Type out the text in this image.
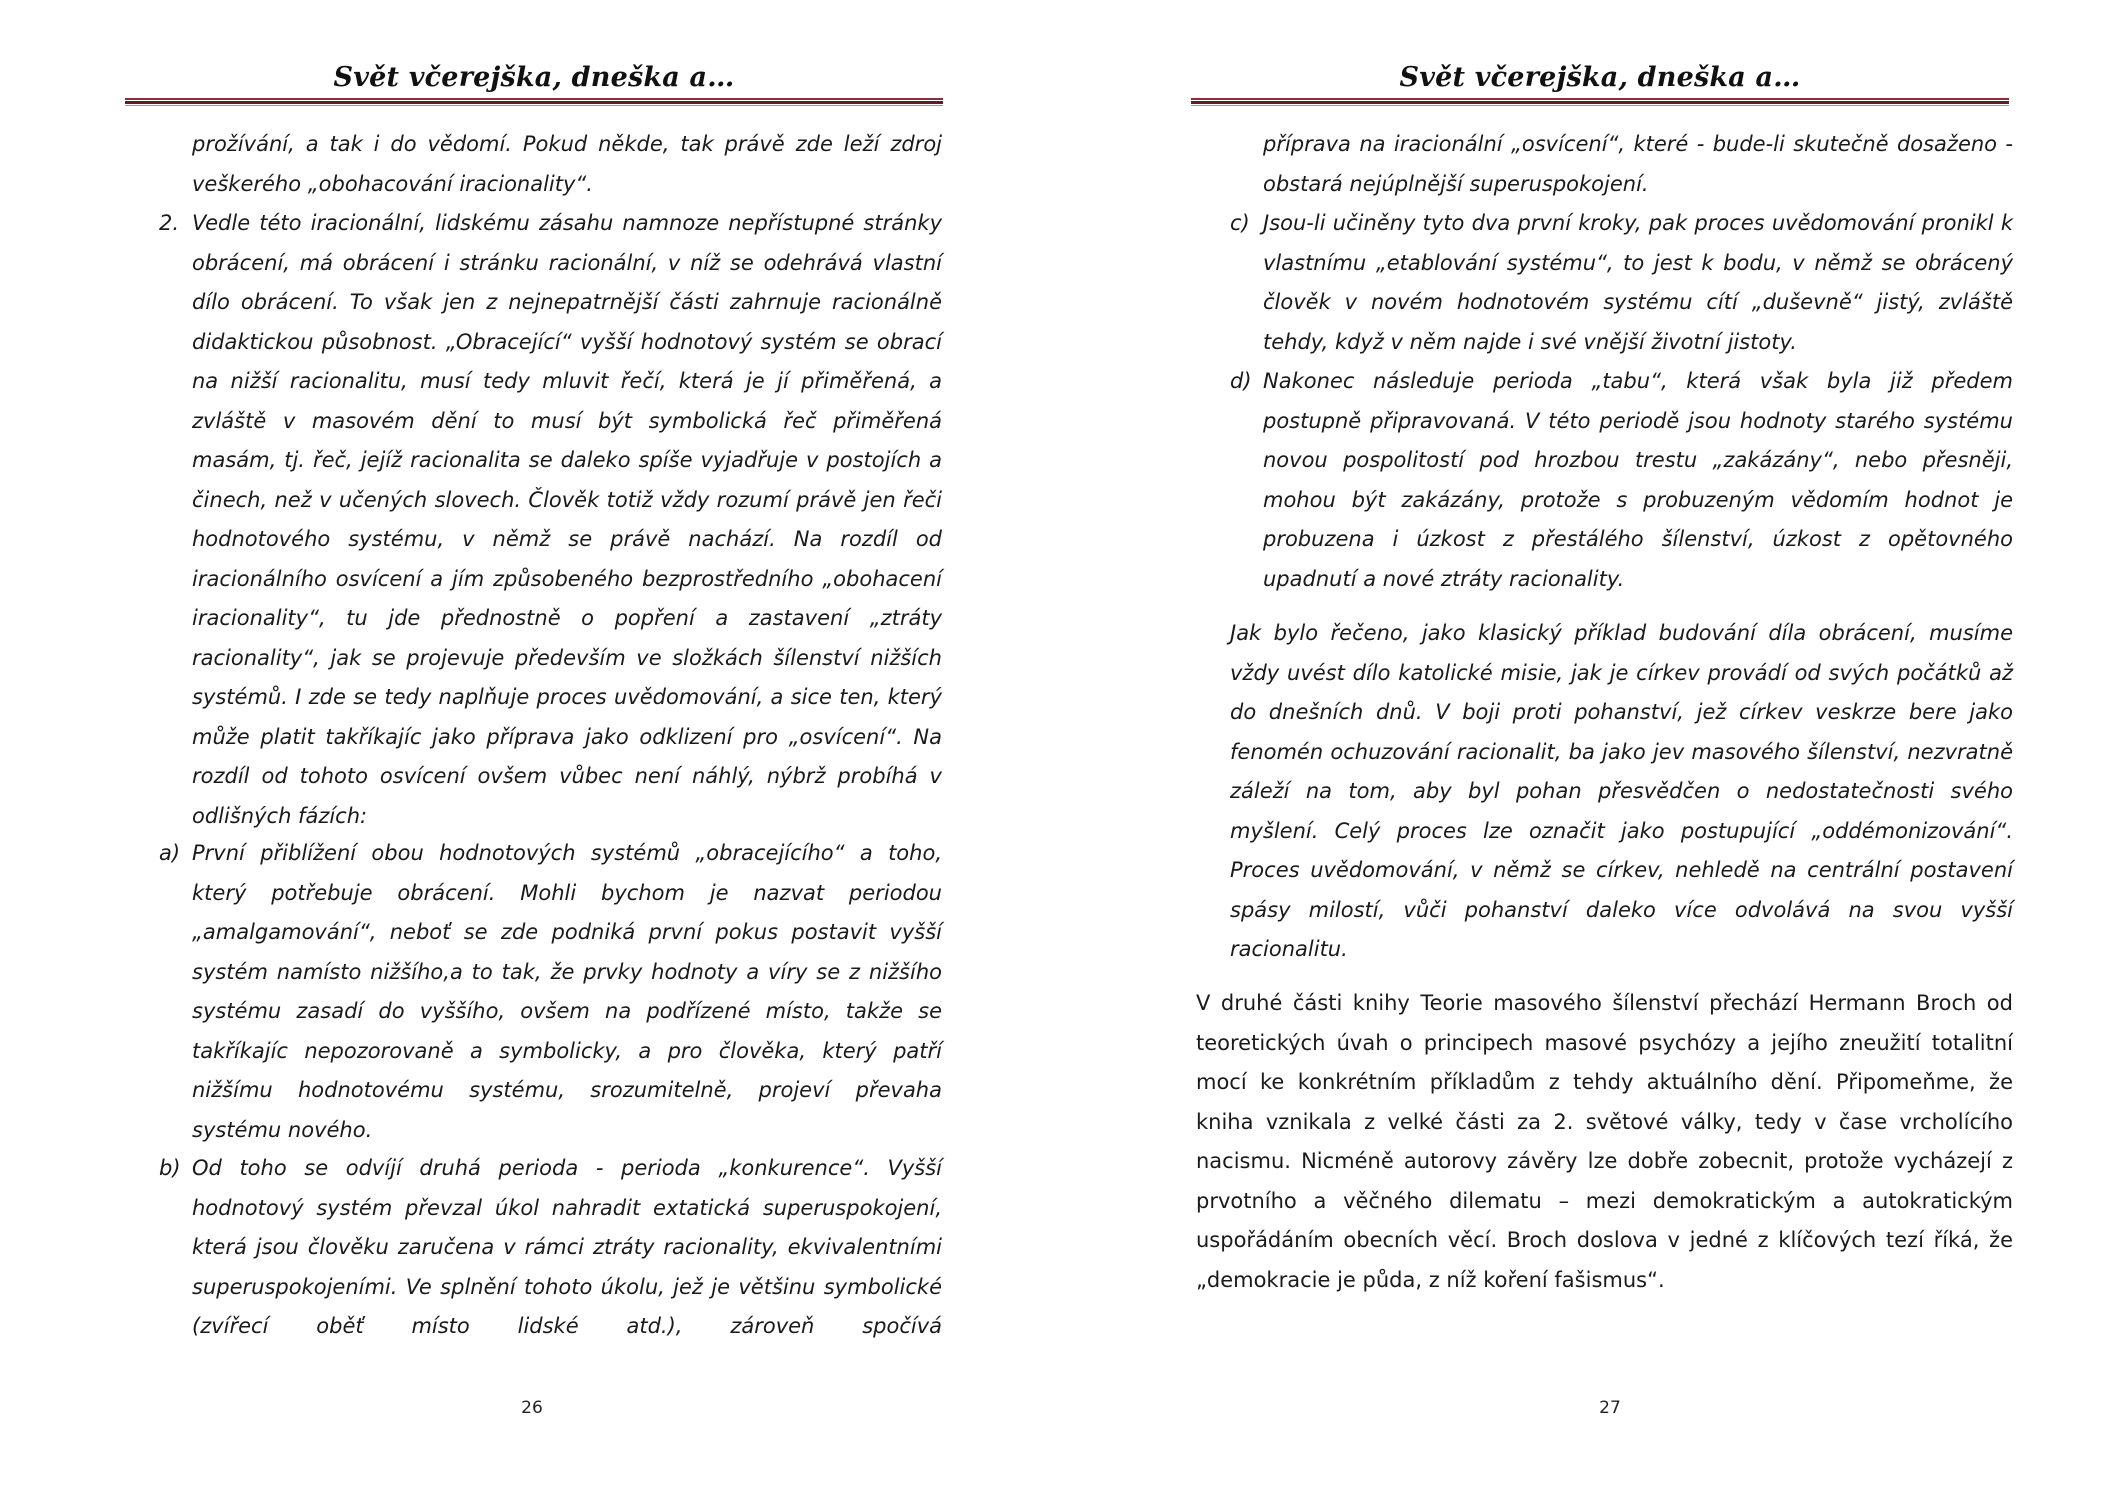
Svět včerejška, dneška a…
prožívání, a tak i do vědomí. Pokud někde, tak právě zde leží zdroj veškerého „obohacování iracionality“.
2. Vedle této iracionální, lidskému zásahu namnoze nepřístupné stránky obrácení, má obrácení i stránku racionální, v níž se odehrává vlastní dílo obrácení. To však jen z nejnepatrnější části zahrnuje racionálně didaktickou působnost. „Obracející“ vyšší hodnotový systém se obrací na nižší racionalitu, musí tedy mluvit řečí, která je jí přiměřená, a zvláště v masovém dění to musí být symbolická řeč přiměřená masám, tj. řeč, jejíž racionalita se daleko spíše vyjadřuje v postojích a činech, než v učených slovech. Člověk totiž vždy rozumí právě jen řeči hodnotového systému, v němž se právě nachází. Na rozdíl od iracionálního osvícení a jím způsobeného bezprostředního „obohacení iracionality“, tu jde přednostně o popření a zastavení „ztráty racionality“, jak se projevuje především ve složkách šílenství nižších systémů. I zde se tedy naplňuje proces uvědomování, a sice ten, který může platit takříkajíc jako příprava jako odklizení pro „osvícení“. Na rozdíl od tohoto osvícení ovšem vůbec není náhlý, nýbrž probíhá v odlišných fázích:
a) První přiblížení obou hodnotových systémů „obracejícího“ a toho, který potřebuje obrácení. Mohli bychom je nazvat periodou „amalgamování“, neboť se zde podniká první pokus postavit vyšší systém namísto nižšího,a to tak, že prvky hodnoty a víry se z nižšího systému zasadí do vyššího, ovšem na podřízené místo, takže se takříkajíc nepozorovaně a symbolicky, a pro člověka, který patří nižšímu hodnotovému systému, srozumitelně, projeví převaha systému nového.
b) Od toho se odvíjí druhá perioda - perioda „konkurence“. Vyšší hodnotový systém převzal úkol nahradit extatická superuspokojení, která jsou člověku zaručena v rámci ztráty racionality, ekvivalentními superuspokojeními. Ve splnění tohoto úkolu, jež je většinu symbolické (zvířecí oběť místo lidské atd.), zároveň spočívá
26
Svět včerejška, dneška a…
příprava na iracionální „osvícení“, které - bude-li skutečně dosaženo - obstará nejúplnější superuspokojení.
c) Jsou-li učiněny tyto dva první kroky, pak proces uvědomování pronikl k vlastnímu „etablování systému“, to jest k bodu, v němž se obrácený člověk v novém hodnotovém systému cítí „duševně“ jistý, zvláště tehdy, když v něm najde i své vnější životní jistoty.
d) Nakonec následuje perioda „tabu“, která však byla již předem postupně připravovaná. V této periodě jsou hodnoty starého systému novou pospolitostí pod hrozbou trestu „zakázány“, nebo přesněji, mohou být zakázány, protože s probuzeným vědomím hodnot je probuzena i úzkost z přestálého šílenství, úzkost z opětovného upadnutí a nové ztráty racionality.
Jak bylo řečeno, jako klasický příklad budování díla obrácení, musíme vždy uvést dílo katolické misie, jak je církev provádí od svých počátků až do dnešních dnů. V boji proti pohanství, jež církev veskrze bere jako fenomén ochuzování racionalit, ba jako jev masového šílenství, nezvratně záleží na tom, aby byl pohan přesvědčen o nedostatečnosti svého myšlení. Celý proces lze označit jako postupující „oddémonizování“. Proces uvědomování, v němž se církev, nehledě na centrální postavení spásy milostí, vůči pohanství daleko více odvolává na svou vyšší racionalitu.
V druhé části knihy Teorie masového šílenství přechází Hermann Broch od teoretických úvah o principech masové psychózy a jejího zneužití totalitní mocí ke konkrétním příkladům z tehdy aktuálního dění. Připomeňme, že kniha vznikala z velké části za 2. světové války, tedy v čase vrcholícího nacismu. Nicméně autorovy závěry lze dobře zobecnit, protože vycházejí z prvotního a věčného dilematu – mezi demokratickým a autokratickým uspořádáním obecních věcí. Broch doslova v jedné z klíčových tezí říká, že „demokracie je půda, z níž koření fašismus“.
27
